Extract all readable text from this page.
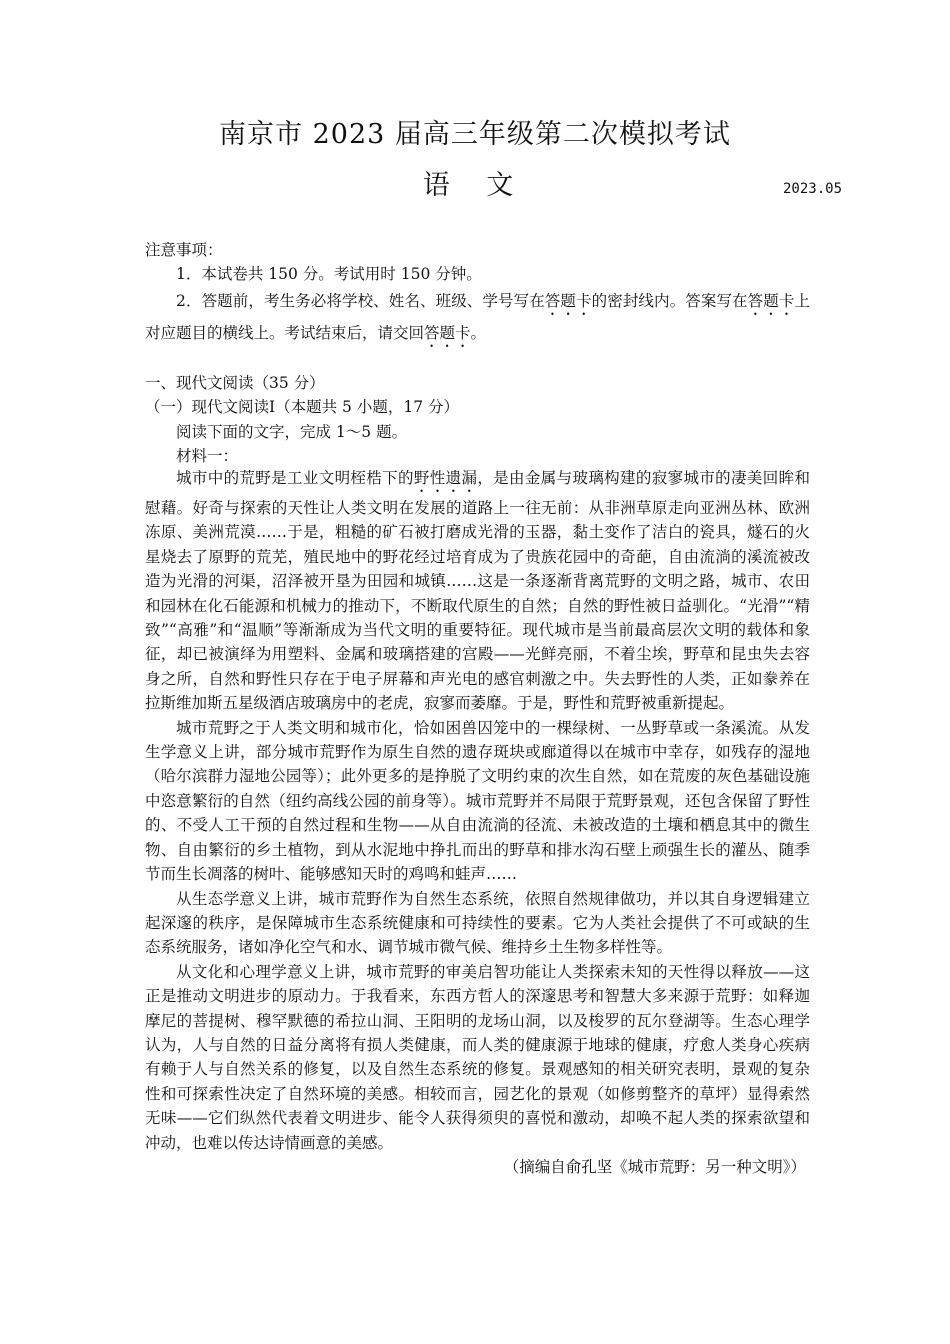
南京市 2023 届高三年级第二次模拟考试
语 文	2023.05

注意事项：

1．本试卷共 150 分。考试用时 150 分钟。

2．答题前，考生务必将学校、姓名、班级、学号写在答题卡的密封线内。答案写在答题卡上对应题目的横线上。考试结束后，请交回答题卡。

一、现代文阅读（35 分）

（一）现代文阅读Ⅰ（本题共 5 小题，17 分）

阅读下面的文字，完成 1～5 题。

材料一：

城市中的荒野是工业文明桎梏下的野性遗漏，是由金属与玻璃构建的寂寥城市的凄美回眸和慰藉。好奇与探索的天性让人类文明在发展的道路上一往无前：从非洲草原走向亚洲丛林、欧洲冻原、美洲荒漠……于是，粗糙的矿石被打磨成光滑的玉器，黏土变作了洁白的瓷具，燧石的火星烧去了原野的荒芜，殖民地中的野花经过培育成为了贵族花园中的奇葩，自由流淌的溪流被改造为光滑的河渠，沼泽被开垦为田园和城镇……这是一条逐渐背离荒野的文明之路，城市、农田和园林在化石能源和机械力的推动下，不断取代原生的自然；自然的野性被日益驯化。“光滑”“精致”“高雅”和“温顺”等渐渐成为当代文明的重要特征。现代城市是当前最高层次文明的载体和象征，却已被演绎为用塑料、金属和玻璃搭建的宫殿——光鲜亮丽，不着尘埃，野草和昆虫失去容身之所，自然和野性只存在于电子屏幕和声光电的感官刺激之中。失去野性的人类，正如豢养在拉斯维加斯五星级酒店玻璃房中的老虎，寂寥而萎靡。于是，野性和荒野被重新提起。

城市荒野之于人类文明和城市化，恰如困兽囚笼中的一棵绿树、一丛野草或一条溪流。从发生学意义上讲，部分城市荒野作为原生自然的遗存斑块或廊道得以在城市中幸存，如残存的湿地（哈尔滨群力湿地公园等）；此外更多的是挣脱了文明约束的次生自然，如在荒废的灰色基础设施中恣意繁衍的自然（纽约高线公园的前身等）。城市荒野并不局限于荒野景观，还包含保留了野性的、不受人工干预的自然过程和生物——从自由流淌的径流、未被改造的土壤和栖息其中的微生物、自由繁衍的乡土植物，到从水泥地中挣扎而出的野草和排水沟石壁上顽强生长的灌丛、随季节而生长凋落的树叶、能够感知天时的鸡鸣和蛙声……

从生态学意义上讲，城市荒野作为自然生态系统，依照自然规律做功，并以其自身逻辑建立起深邃的秩序，是保障城市生态系统健康和可持续性的要素。它为人类社会提供了不可或缺的生态系统服务，诸如净化空气和水、调节城市微气候、维持乡土生物多样性等。

从文化和心理学意义上讲，城市荒野的审美启智功能让人类探索未知的天性得以释放——这正是推动文明进步的原动力。于我看来，东西方哲人的深邃思考和智慧大多来源于荒野：如释迦摩尼的菩提树、穆罕默德的希拉山洞、王阳明的龙场山洞，以及梭罗的瓦尔登湖等。生态心理学认为，人与自然的日益分离将有损人类健康，而人类的健康源于地球的健康，疗愈人类身心疾病有赖于人与自然关系的修复，以及自然生态系统的修复。景观感知的相关研究表明，景观的复杂性和可探索性决定了自然环境的美感。相较而言，园艺化的景观（如修剪整齐的草坪）显得索然无味——它们纵然代表着文明进步、能令人获得须臾的喜悦和激动，却唤不起人类的探索欲望和冲动，也难以传达诗情画意的美感。

（摘编自俞孔坚《城市荒野：另一种文明》）
